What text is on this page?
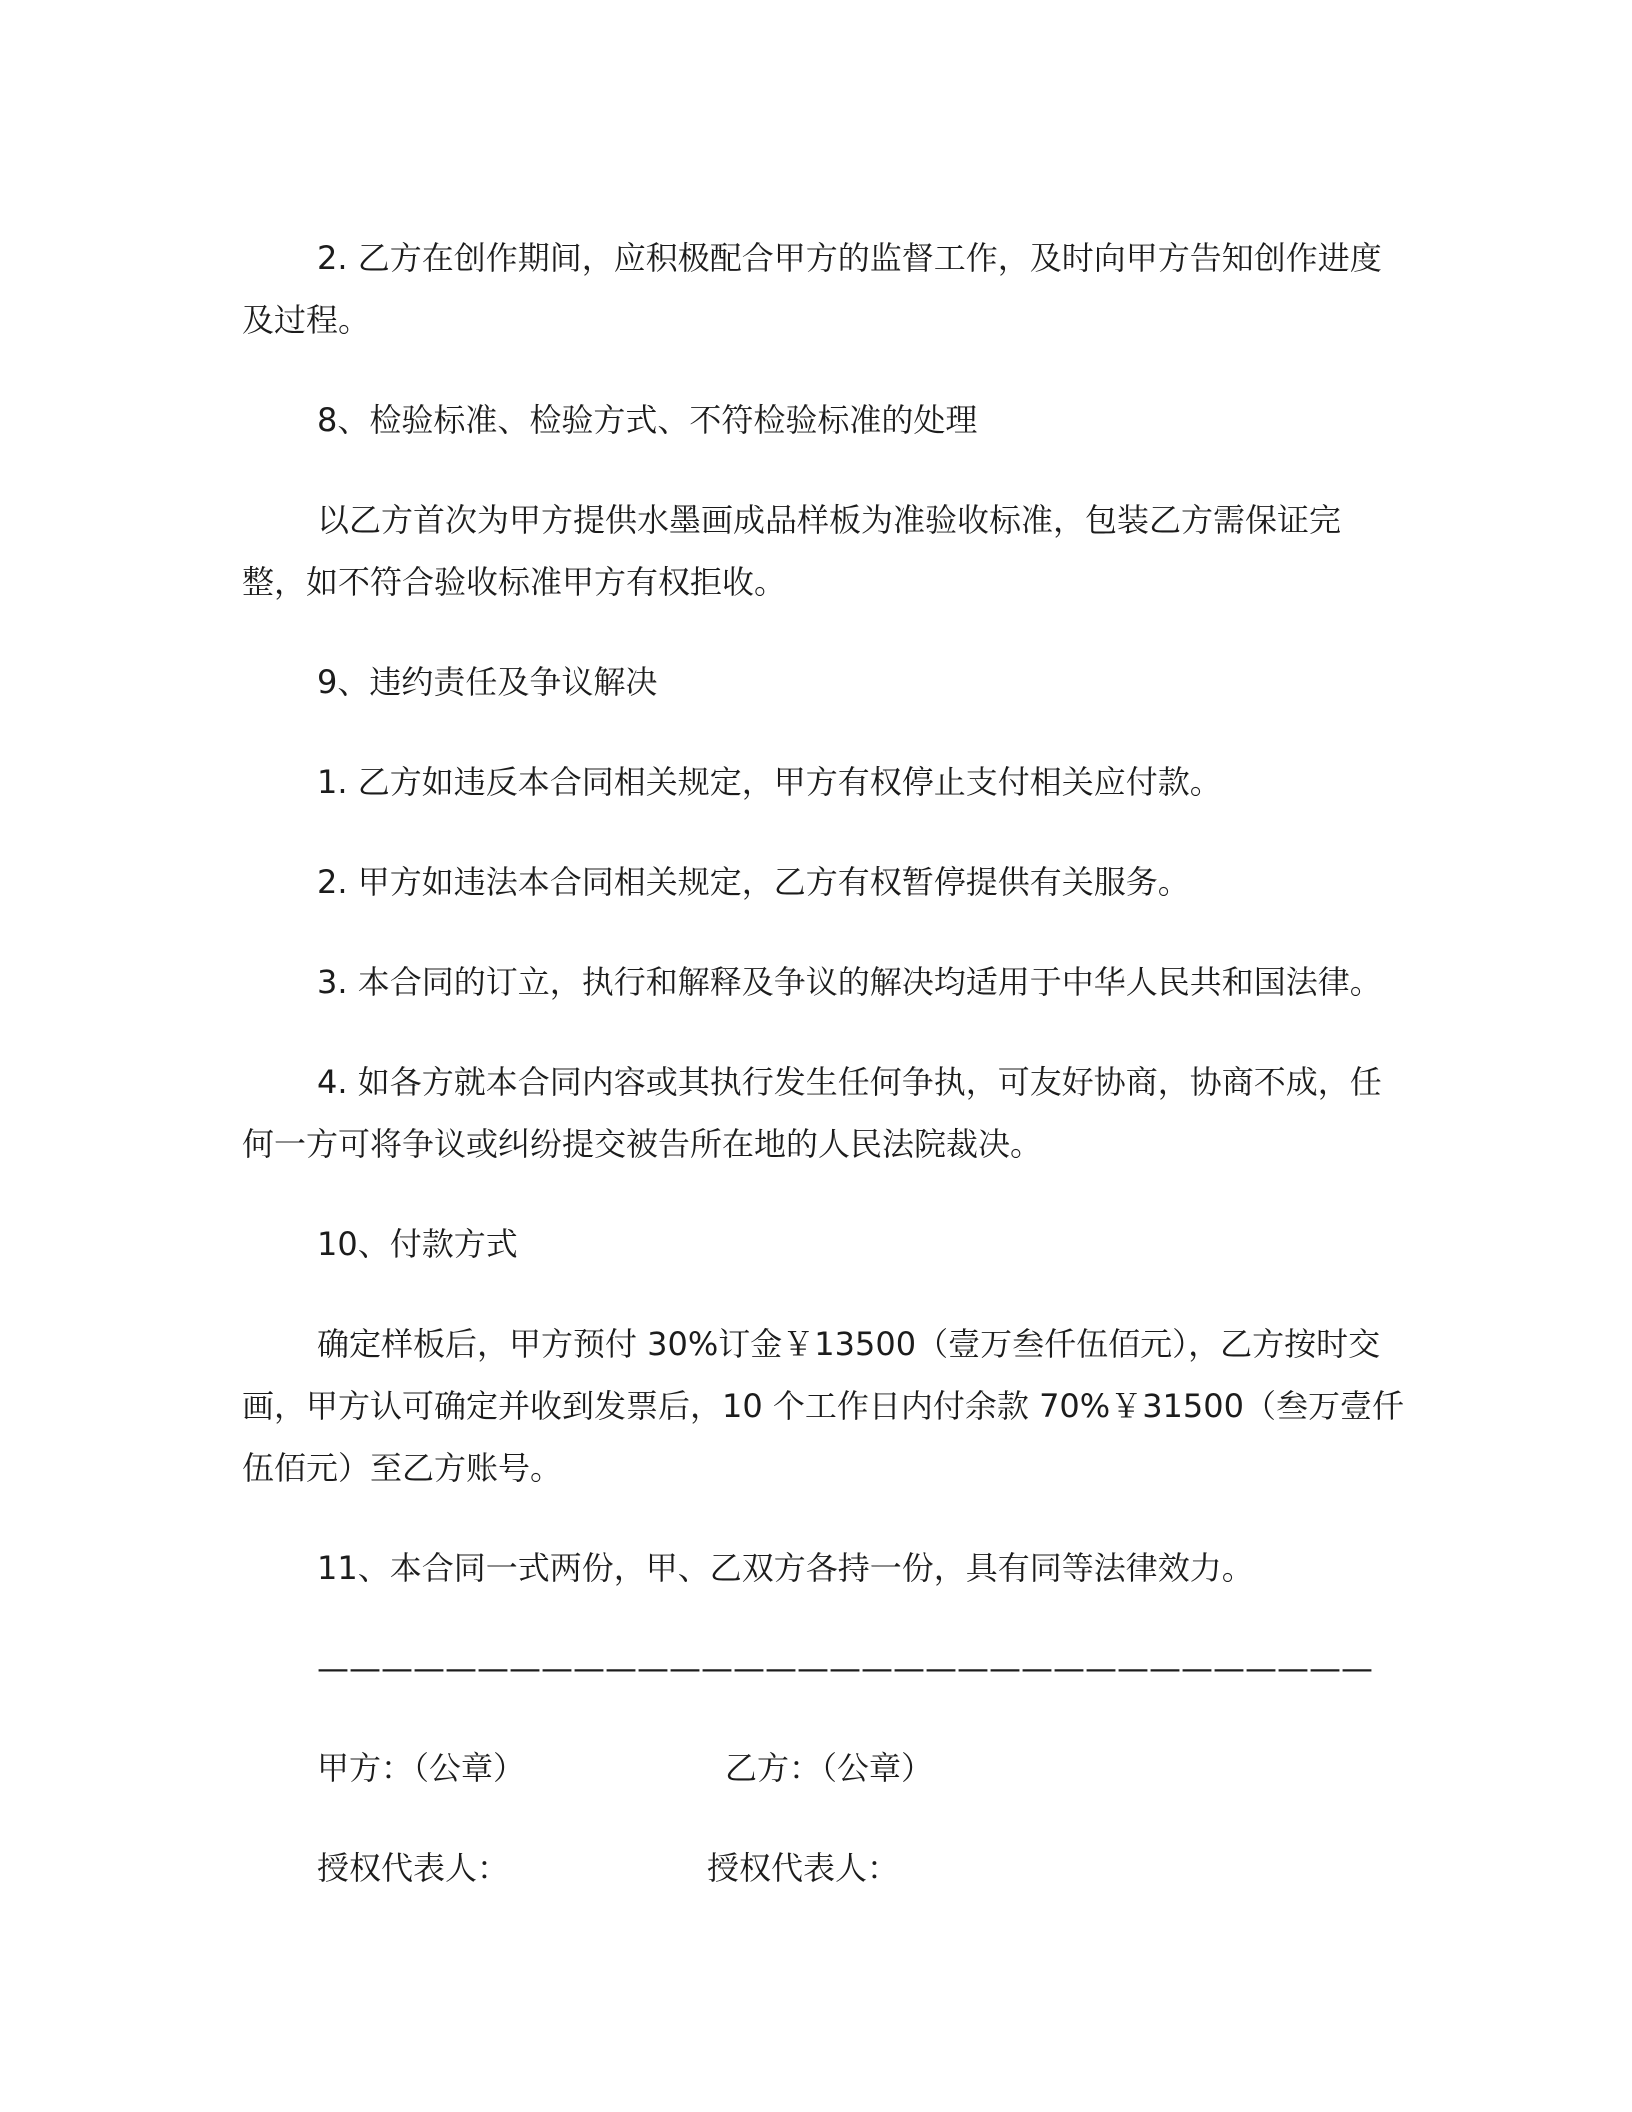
2. 乙方在创作期间，应积极配合甲方的监督工作，及时向甲方告知创作进度
及过程。
8、检验标准、检验方式、不符检验标准的处理
以乙方首次为甲方提供水墨画成品样板为准验收标准，包装乙方需保证完
整，如不符合验收标准甲方有权拒收。
9、违约责任及争议解决
1. 乙方如违反本合同相关规定，甲方有权停止支付相关应付款。
2. 甲方如违法本合同相关规定，乙方有权暂停提供有关服务。
3. 本合同的订立，执行和解释及争议的解决均适用于中华人民共和国法律。
4. 如各方就本合同内容或其执行发生任何争执，可友好协商，协商不成，任
何一方可将争议或纠纷提交被告所在地的人民法院裁决。
10、付款方式
确定样板后，甲方预付 30%订金￥13500（壹万叁仟伍佰元），乙方按时交
画，甲方认可确定并收到发票后，10 个工作日内付余款 70%￥31500（叁万壹仟
伍佰元）至乙方账号。
11、本合同一式两份，甲、乙双方各持一份，具有同等法律效力。
—————————————————————————————————
甲方：（公章）	乙方：（公章）
授权代表人：	授权代表人：
